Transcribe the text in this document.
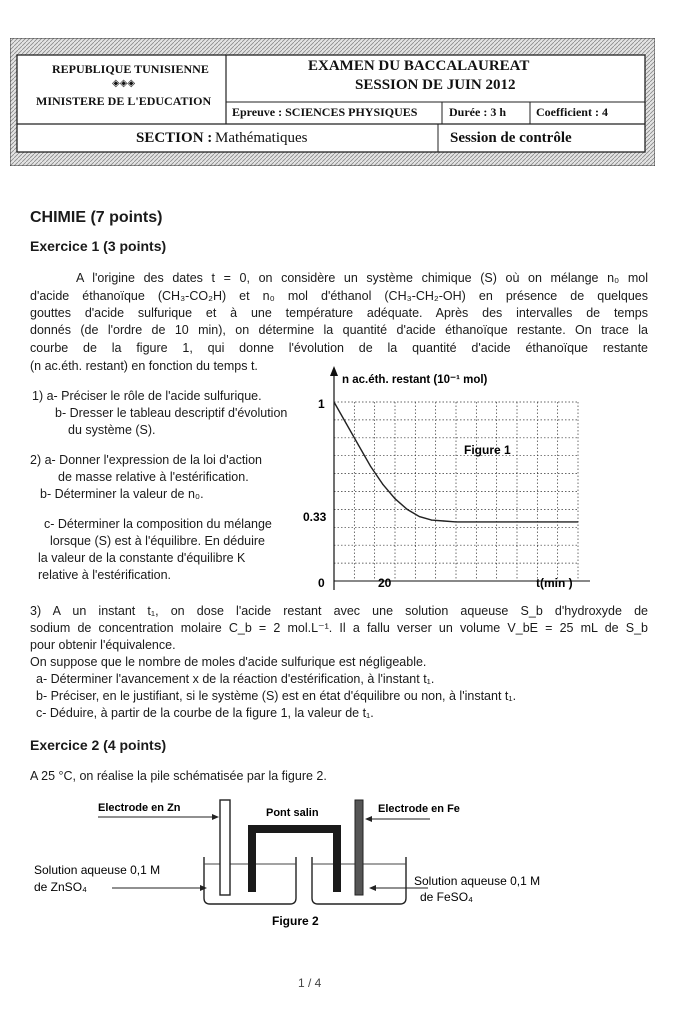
REPUBLIQUE TUNISIENNE
◈◈◈
MINISTERE DE L'EDUCATION
EXAMEN DU BACCALAUREAT
SESSION DE JUIN 2012
Epreuve : SCIENCES PHYSIQUES	Durée : 3 h	Coefficient : 4
SECTION : Mathématiques	Session de contrôle
CHIMIE (7 points)
Exercice 1 (3 points)
A l'origine des dates t = 0, on considère un système chimique (S) où on mélange n₀ mol
d'acide éthanoïque (CH₃-CO₂H) et n₀ mol d'éthanol (CH₃-CH₂-OH) en présence de quelques
gouttes d'acide sulfurique et à une température adéquate. Après des intervalles de temps
donnés (de l'ordre de 10 min), on détermine la quantité d'acide éthanoïque restante. On trace la
courbe de la figure 1, qui donne l'évolution de la quantité d'acide éthanoïque restante
(n ac.éth. restant) en fonction du temps t.
1) a- Préciser le rôle de l'acide sulfurique.
b- Dresser le tableau descriptif d'évolution
du système (S).
2) a- Donner l'expression de la loi d'action
de masse relative à l'estérification.
b- Déterminer la valeur de n₀.
c- Déterminer la composition du mélange
lorsque (S) est à l'équilibre. En déduire
la valeur de la constante d'équilibre K
relative à l'estérification.
n ac.éth. restant (10⁻¹ mol)
1
0.33
0	20	t(min )
Figure 1
3) A un instant t₁, on dose l'acide restant avec une solution aqueuse S_b d'hydroxyde de
sodium de concentration molaire C_b = 2 mol.L⁻¹. Il a fallu verser un volume V_bE = 25 mL de S_b
pour obtenir l'équivalence.
On suppose que le nombre de moles d'acide sulfurique est négligeable.
a- Déterminer l'avancement x de la réaction d'estérification, à l'instant t₁.
b- Préciser, en le justifiant, si le système (S) est en état d'équilibre ou non, à l'instant t₁.
c- Déduire, à partir de la courbe de la figure 1, la valeur de t₁.
Exercice 2 (4 points)
A 25 °C, on réalise la pile schématisée par la figure 2.
Electrode en Zn	Pont salin	Electrode en Fe
Solution aqueuse 0,1 M
de ZnSO₄	Solution aqueuse 0,1 M
de FeSO₄
Figure 2
1 / 4
